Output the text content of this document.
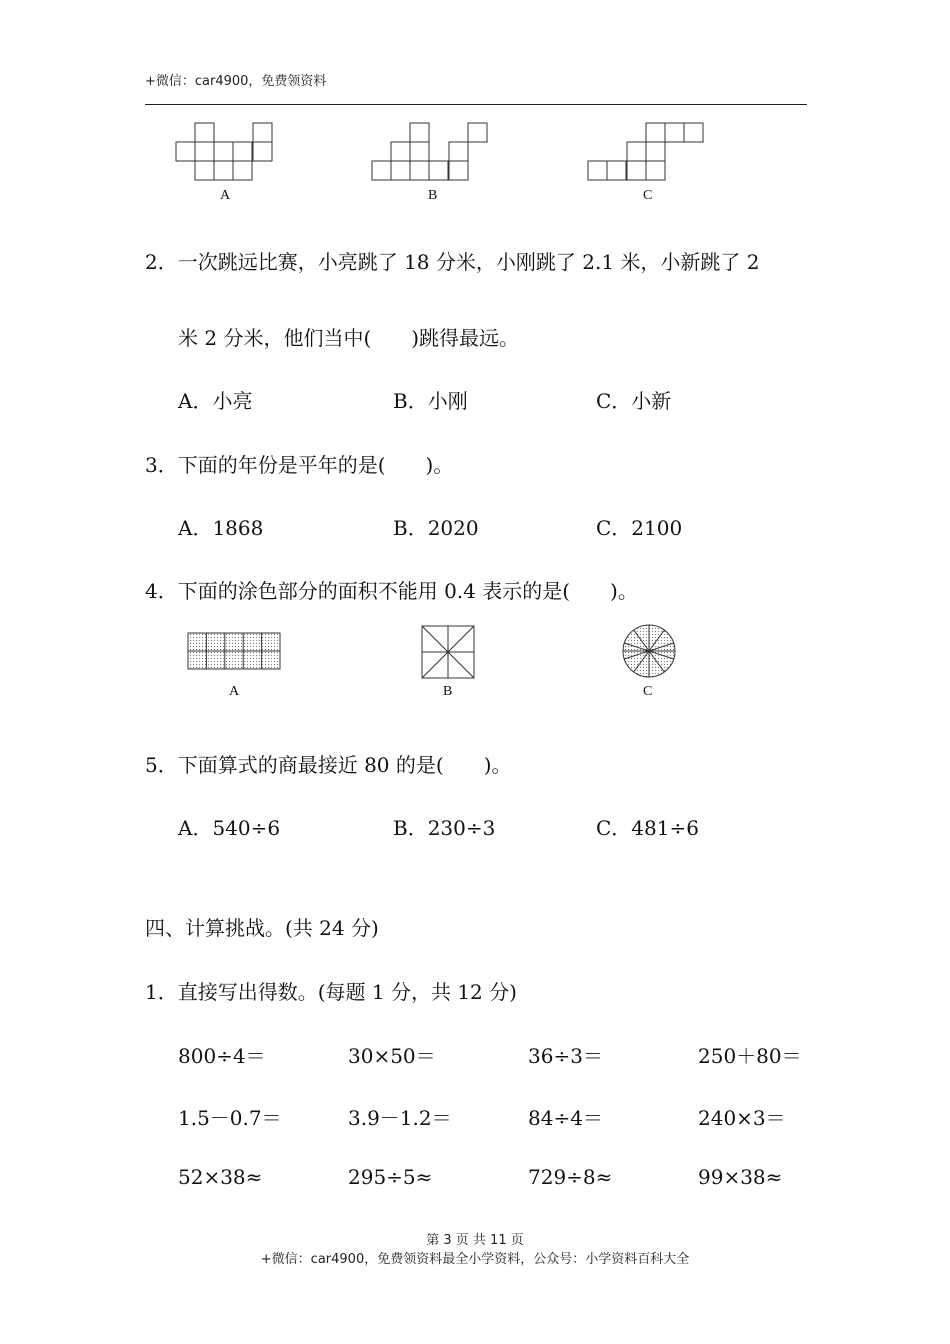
+微信：car4900，免费领资料
A	B	C
2．一次跳远比赛，小亮跳了 18 分米，小刚跳了 2.1 米，小新跳了 2
米 2 分米，他们当中(　　)跳得最远。
A．小亮	B．小刚	C．小新
3．下面的年份是平年的是(　　)。
A．1868	B．2020	C．2100
4．下面的涂色部分的面积不能用 0.4 表示的是(　　)。
A	B	C
5．下面算式的商最接近 80 的是(　　)。
A．540÷6	B．230÷3	C．481÷6
四、计算挑战。(共 24 分)
1．直接写出得数。(每题 1 分，共 12 分)
800÷4＝	30×50＝	36÷3＝	250＋80＝
1.5－0.7＝	3.9－1.2＝	84÷4＝	240×3＝
52×38≈	295÷5≈	729÷8≈	99×38≈
第 3 页 共 11 页
+微信：car4900，免费领资料最全小学资料，公众号：小学资料百科大全
